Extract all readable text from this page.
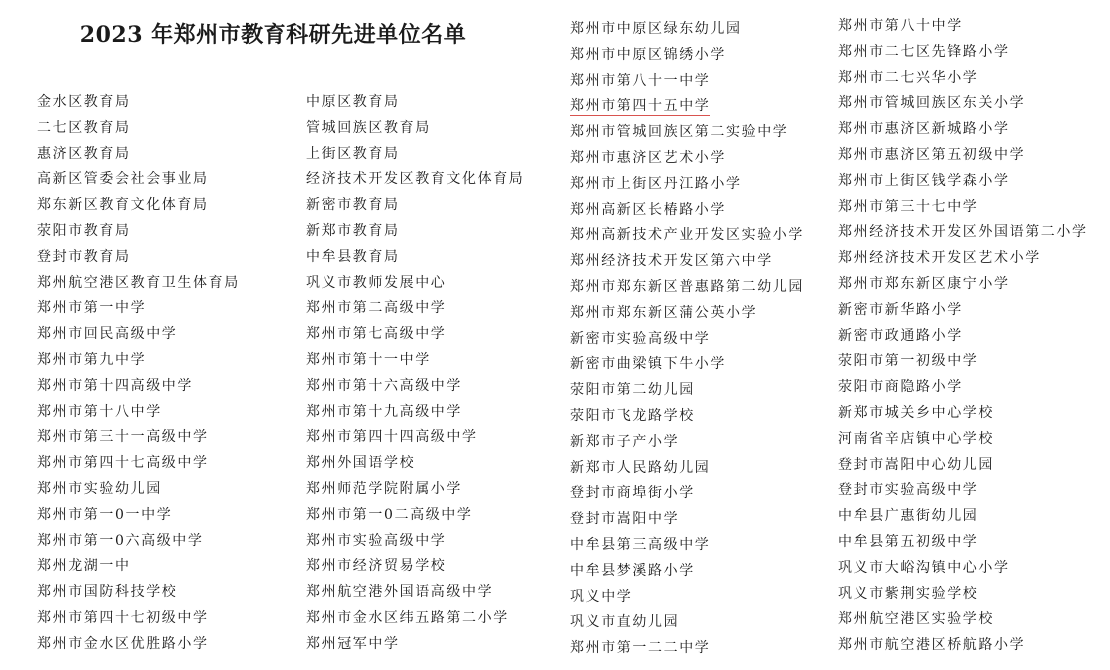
2023 年郑州市教育科研先进单位名单
金水区教育局
二七区教育局
惠济区教育局
高新区管委会社会事业局
郑东新区教育文化体育局
荥阳市教育局
登封市教育局
郑州航空港区教育卫生体育局
郑州市第一中学
郑州市回民高级中学
郑州市第九中学
郑州市第十四高级中学
郑州市第十八中学
郑州市第三十一高级中学
郑州市第四十七高级中学
郑州市实验幼儿园
郑州市第一0一中学
郑州市第一0六高级中学
郑州龙湖一中
郑州市国防科技学校
郑州市第四十七初级中学
郑州市金水区优胜路小学
中原区教育局
管城回族区教育局
上街区教育局
经济技术开发区教育文化体育局
新密市教育局
新郑市教育局
中牟县教育局
巩义市教师发展中心
郑州市第二高级中学
郑州市第七高级中学
郑州市第十一中学
郑州市第十六高级中学
郑州市第十九高级中学
郑州市第四十四高级中学
郑州外国语学校
郑州师范学院附属小学
郑州市第一0二高级中学
郑州市实验高级中学
郑州市经济贸易学校
郑州航空港外国语高级中学
郑州市金水区纬五路第二小学
郑州冠军中学
郑州市中原区绿东幼儿园
郑州市中原区锦绣小学
郑州市第八十一中学
郑州市第四十五中学
郑州市管城回族区第二实验中学
郑州市惠济区艺术小学
郑州市上街区丹江路小学
郑州高新区长椿路小学
郑州高新技术产业开发区实验小学
郑州经济技术开发区第六中学
郑州市郑东新区普惠路第二幼儿园
郑州市郑东新区蒲公英小学
新密市实验高级中学
新密市曲梁镇下牛小学
荥阳市第二幼儿园
荥阳市飞龙路学校
新郑市子产小学
新郑市人民路幼儿园
登封市商埠街小学
登封市嵩阳中学
中牟县第三高级中学
中牟县梦溪路小学
巩义中学
巩义市直幼儿园
郑州市第一二二中学
郑州市第八十中学
郑州市二七区先锋路小学
郑州市二七兴华小学
郑州市管城回族区东关小学
郑州市惠济区新城路小学
郑州市惠济区第五初级中学
郑州市上街区钱学森小学
郑州市第三十七中学
郑州经济技术开发区外国语第二小学
郑州经济技术开发区艺术小学
郑州市郑东新区康宁小学
新密市新华路小学
新密市政通路小学
荥阳市第一初级中学
荥阳市商隐路小学
新郑市城关乡中心学校
河南省辛店镇中心学校
登封市嵩阳中心幼儿园
登封市实验高级中学
中牟县广惠街幼儿园
中牟县第五初级中学
巩义市大峪沟镇中心小学
巩义市紫荆实验学校
郑州航空港区实验学校
郑州市航空港区桥航路小学
